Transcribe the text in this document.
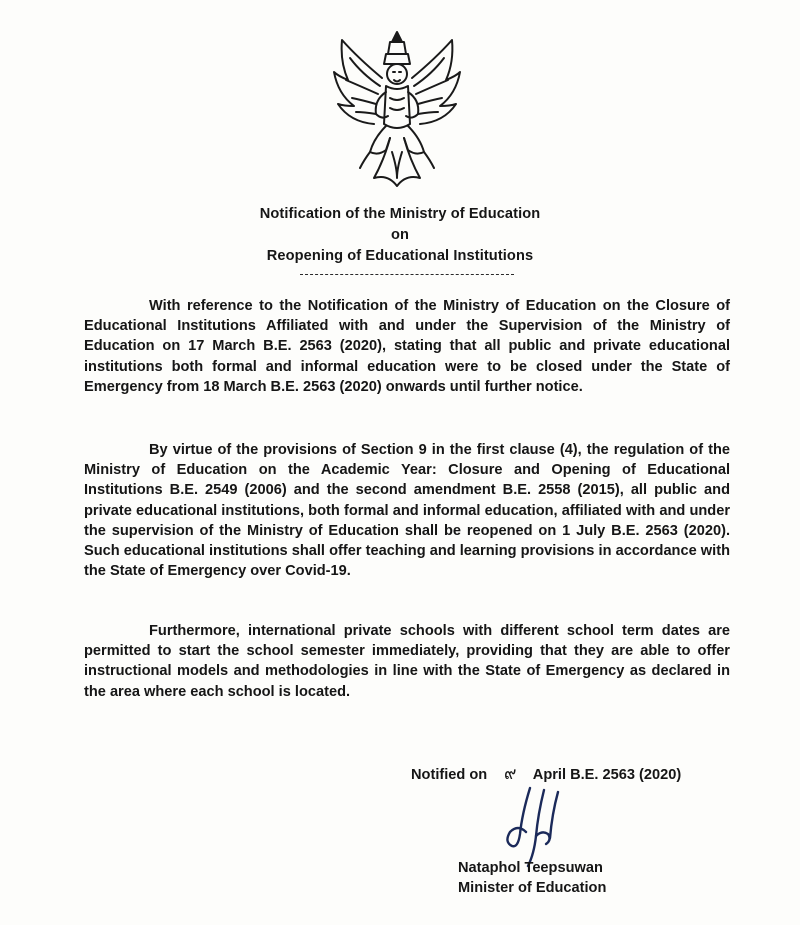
Notification of the Ministry of Education
on
Reopening of Educational Institutions

With reference to the Notification of the Ministry of Education on the Closure of Educational Institutions Affiliated with and under the Supervision of the Ministry of Education on 17 March B.E. 2563 (2020), stating that all public and private educational institutions both formal and informal education were to be closed under the State of Emergency from 18 March B.E. 2563 (2020) onwards until further notice.

By virtue of the provisions of Section 9 in the first clause (4), the regulation of the Ministry of Education on the Academic Year: Closure and Opening of Educational Institutions B.E. 2549 (2006) and the second amendment B.E. 2558 (2015), all public and private educational institutions, both formal and informal education, affiliated with and under the supervision of the Ministry of Education shall be reopened on 1 July B.E. 2563 (2020). Such educational institutions shall offer teaching and learning provisions in accordance with the State of Emergency over Covid-19.

Furthermore, international private schools with different school term dates are permitted to start the school semester immediately, providing that they are able to offer instructional models and methodologies in line with the State of Emergency as declared in the area where each school is located.

Notified on ๙ April B.E. 2563 (2020)
Nataphol Teepsuwan
Minister of Education
